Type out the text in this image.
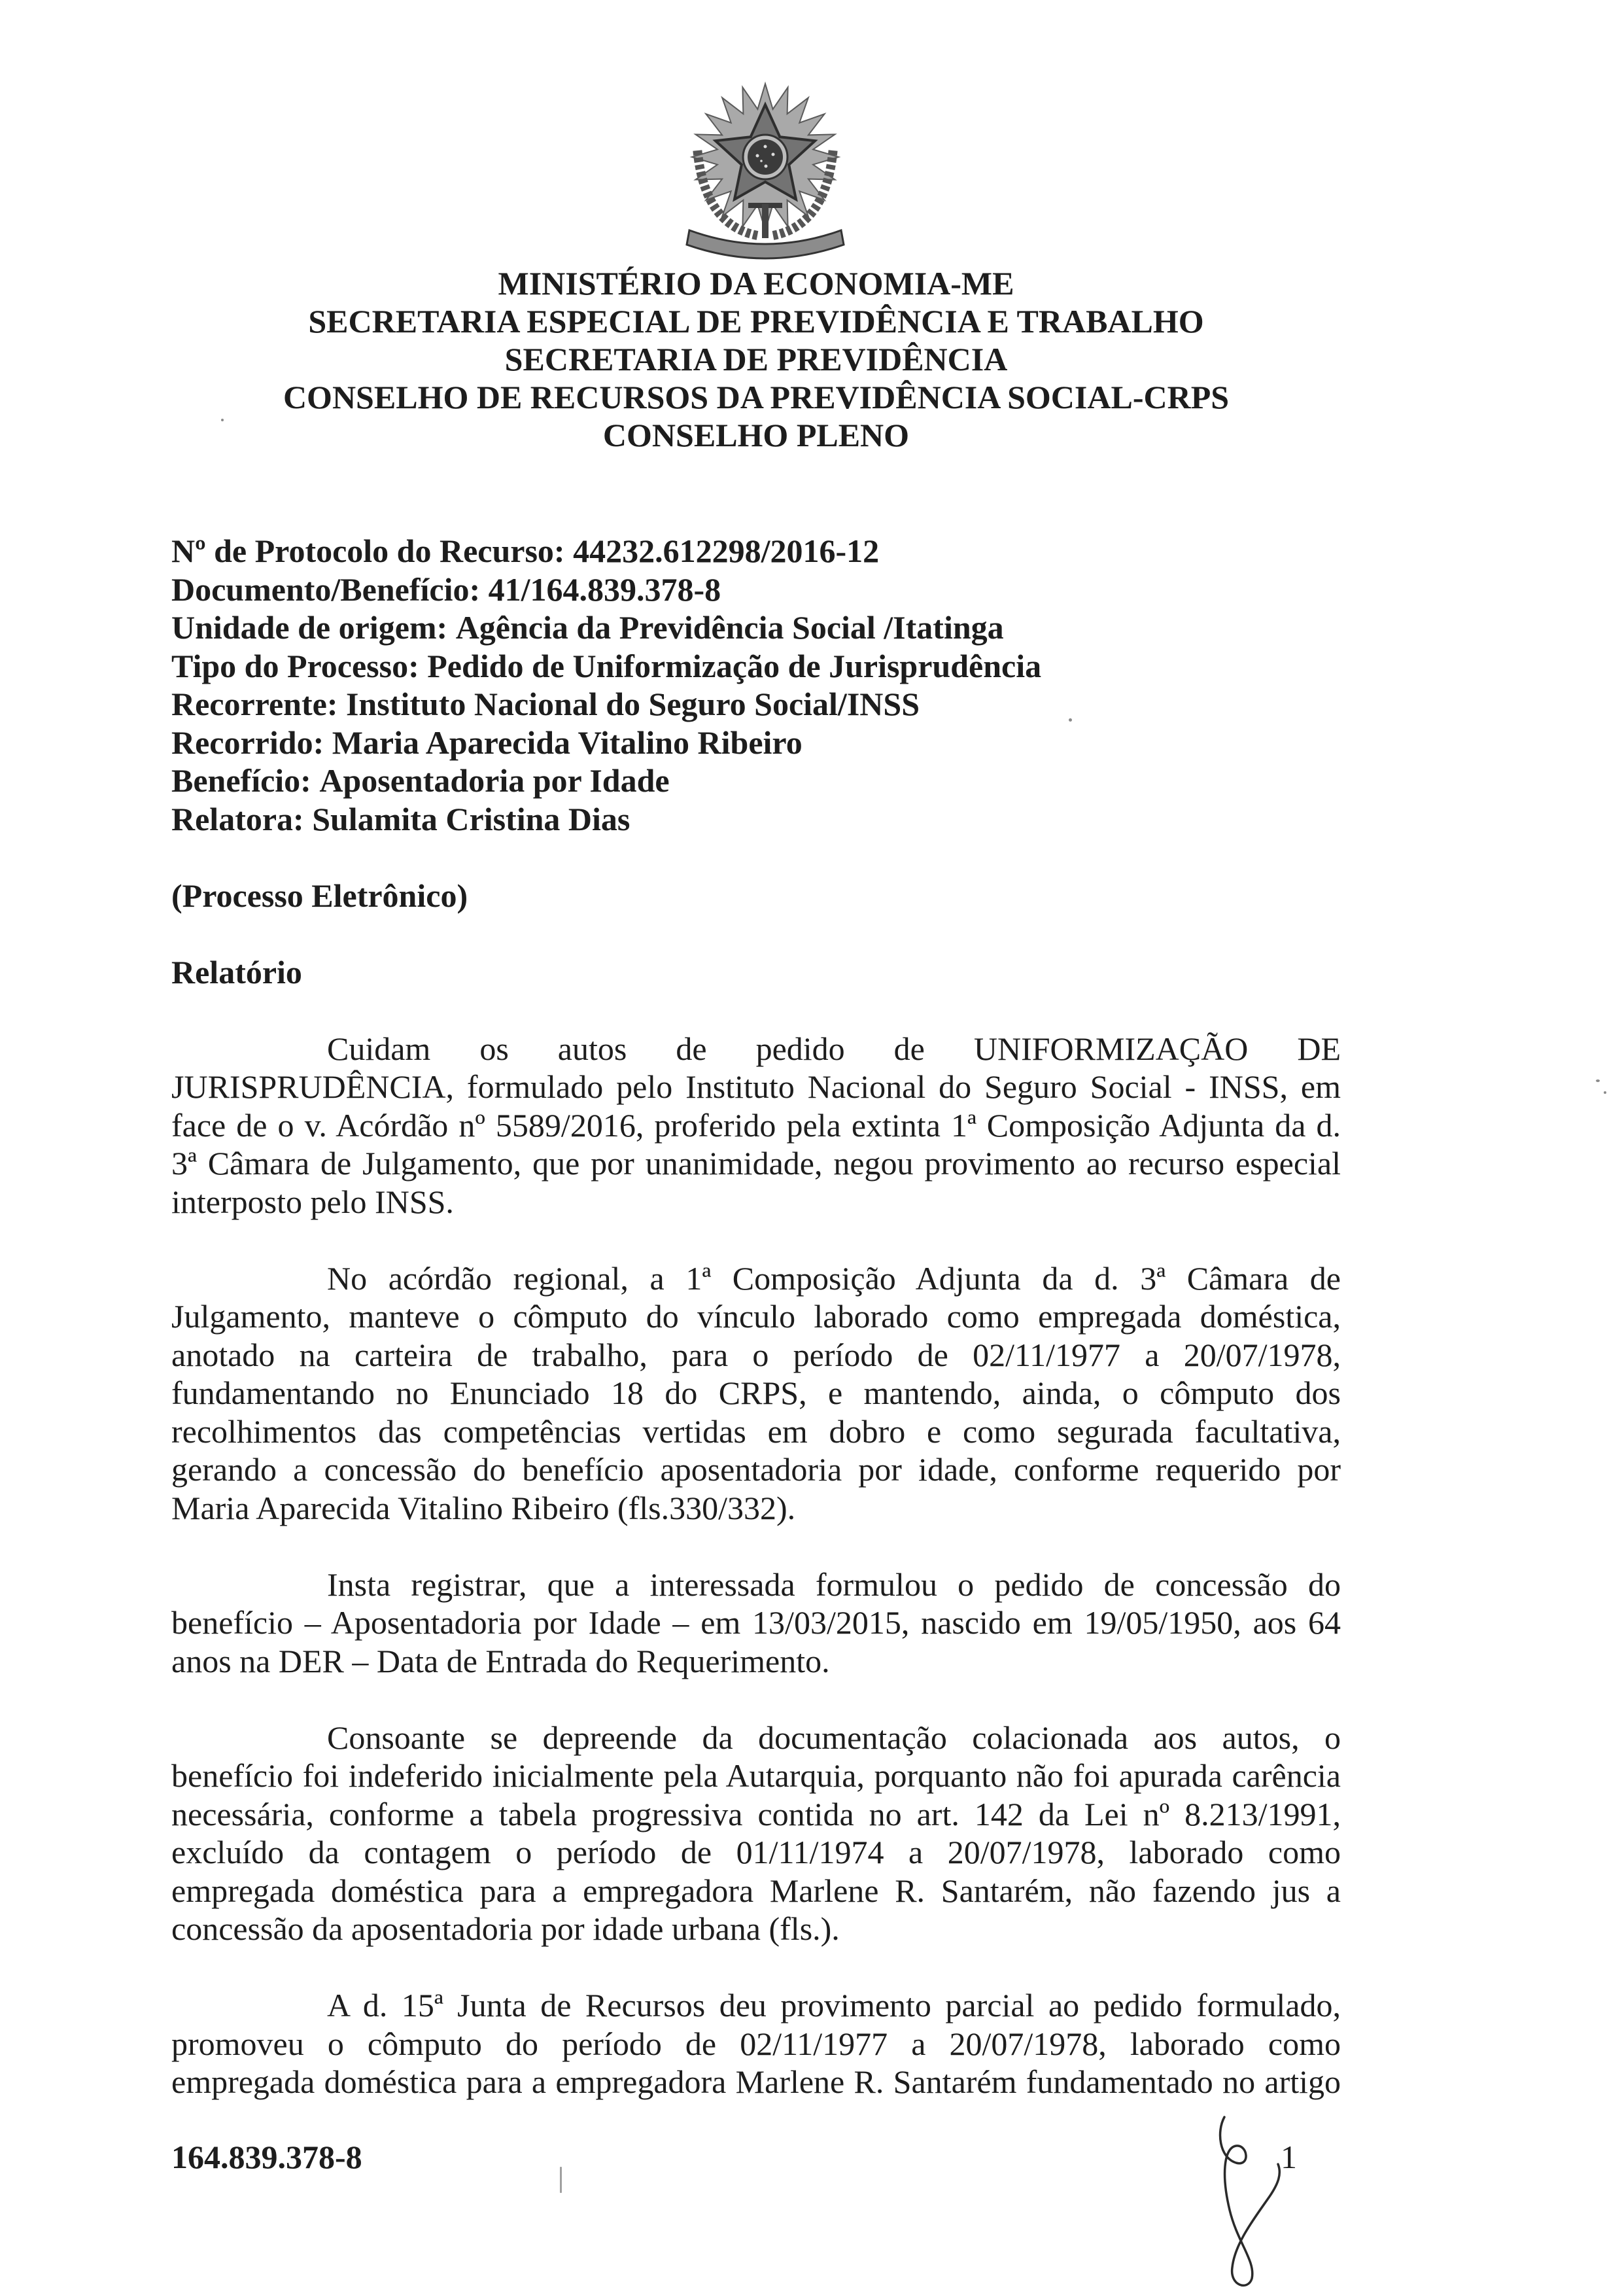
MINISTÉRIO DA ECONOMIA-ME
SECRETARIA ESPECIAL DE PREVIDÊNCIA E TRABALHO
SECRETARIA DE PREVIDÊNCIA
CONSELHO DE RECURSOS DA PREVIDÊNCIA SOCIAL-CRPS
CONSELHO PLENO
Nº de Protocolo do Recurso: 44232.612298/2016-12
Documento/Benefício: 41/164.839.378-8
Unidade de origem: Agência da Previdência Social /Itatinga
Tipo do Processo: Pedido de Uniformização de Jurisprudência
Recorrente: Instituto Nacional do Seguro Social/INSS
Recorrido: Maria Aparecida Vitalino Ribeiro
Benefício: Aposentadoria por Idade
Relatora: Sulamita Cristina Dias
(Processo Eletrônico)
Relatório
Cuidam os autos de pedido de UNIFORMIZAÇÃO DE
JURISPRUDÊNCIA, formulado pelo Instituto Nacional do Seguro Social - INSS, em
face de o v. Acórdão nº 5589/2016, proferido pela extinta 1ª Composição Adjunta da d.
3ª Câmara de Julgamento, que por unanimidade, negou provimento ao recurso especial
interposto pelo INSS.
No acórdão regional, a 1ª Composição Adjunta da d. 3ª Câmara de
Julgamento, manteve o cômputo do vínculo laborado como empregada doméstica,
anotado na carteira de trabalho, para o período de 02/11/1977 a 20/07/1978,
fundamentando no Enunciado 18 do CRPS, e mantendo, ainda, o cômputo dos
recolhimentos das competências vertidas em dobro e como segurada facultativa,
gerando a concessão do benefício aposentadoria por idade, conforme requerido por
Maria Aparecida Vitalino Ribeiro (fls.330/332).
Insta registrar, que a interessada formulou o pedido de concessão do
benefício – Aposentadoria por Idade – em 13/03/2015, nascido em 19/05/1950, aos 64
anos na DER – Data de Entrada do Requerimento.
Consoante se depreende da documentação colacionada aos autos, o
benefício foi indeferido inicialmente pela Autarquia, porquanto não foi apurada carência
necessária, conforme a tabela progressiva contida no art. 142 da Lei nº 8.213/1991,
excluído da contagem o período de 01/11/1974 a 20/07/1978, laborado como
empregada doméstica para a empregadora Marlene R. Santarém, não fazendo jus a
concessão da aposentadoria por idade urbana (fls.).
A d. 15ª Junta de Recursos deu provimento parcial ao pedido formulado,
promoveu o cômputo do período de 02/11/1977 a 20/07/1978, laborado como
empregada doméstica para a empregadora Marlene R. Santarém fundamentado no artigo
164.839.378-8	1
